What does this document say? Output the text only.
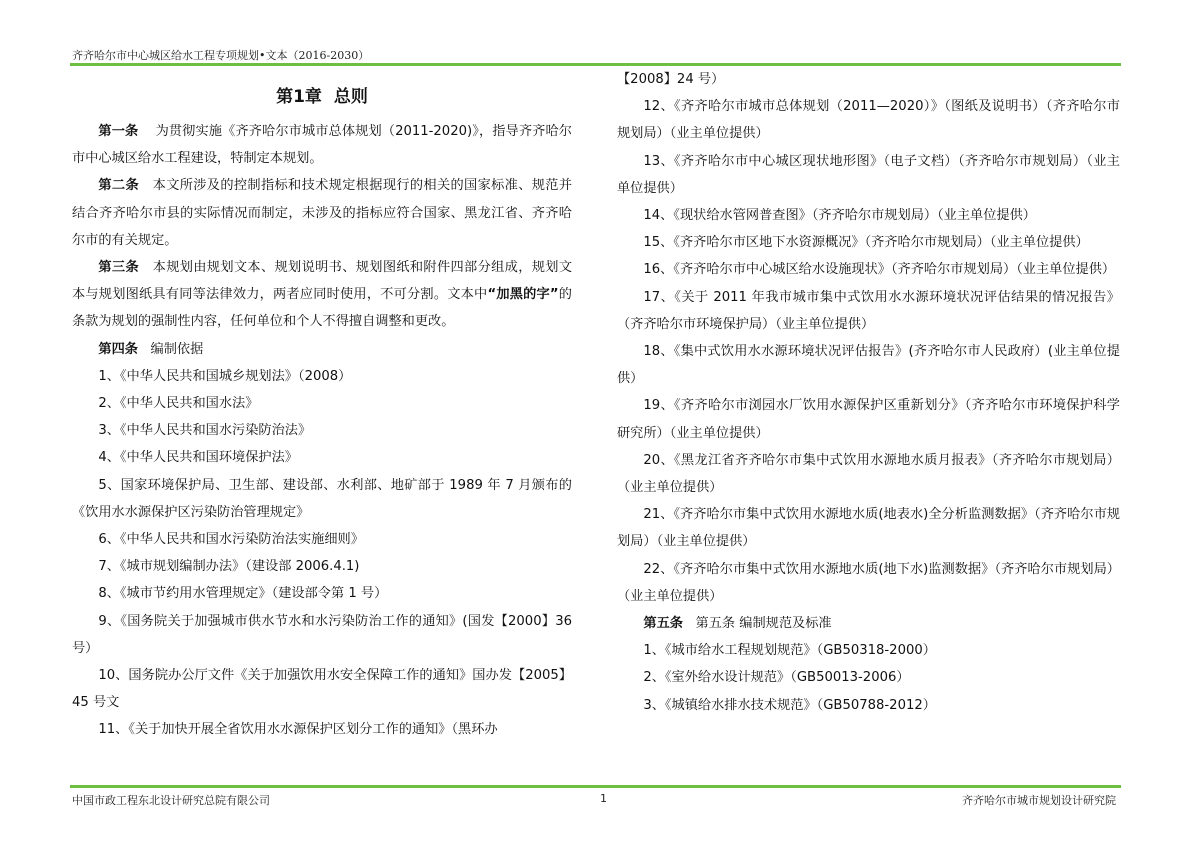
齐齐哈尔市中心城区给水工程专项规划•文本（2016-2030）
第1章 总则

第一条 为贯彻实施《齐齐哈尔市城市总体规划（2011-2020)》，指导齐齐哈尔市中心城区给水工程建设，特制定本规划。

第二条 本文所涉及的控制指标和技术规定根据现行的相关的国家标准、规范并结合齐齐哈尔市县的实际情况而制定，未涉及的指标应符合国家、黑龙江省、齐齐哈尔市的有关规定。

第三条 本规划由规划文本、规划说明书、规划图纸和附件四部分组成，规划文本与规划图纸具有同等法律效力，两者应同时使用，不可分割。文本中“加黑的字”的条款为规划的强制性内容，任何单位和个人不得擅自调整和更改。

第四条 编制依据

1、《中华人民共和国城乡规划法》（2008）

2、《中华人民共和国水法》

3、《中华人民共和国水污染防治法》

4、《中华人民共和国环境保护法》

5、国家环境保护局、卫生部、建设部、水利部、地矿部于 1989 年 7 月颁布的《饮用水水源保护区污染防治管理规定》

6、《中华人民共和国水污染防治法实施细则》

7、《城市规划编制办法》（建设部 2006.4.1)

8、《城市节约用水管理规定》（建设部令第 1 号）

9、《国务院关于加强城市供水节水和水污染防治工作的通知》(国发【2000】36 号）

10、国务院办公厅文件《关于加强饮用水安全保障工作的通知》国办发【2005】45 号文

11、《关于加快开展全省饮用水水源保护区划分工作的通知》（黑环办

【2008】24 号）

12、《齐齐哈尔市城市总体规划（2011—2020）》（图纸及说明书）（齐齐哈尔市规划局）（业主单位提供）

13、《齐齐哈尔市中心城区现状地形图》（电子文档）（齐齐哈尔市规划局）（业主单位提供）

14、《现状给水管网普查图》（齐齐哈尔市规划局）（业主单位提供）

15、《齐齐哈尔市区地下水资源概况》（齐齐哈尔市规划局）（业主单位提供）

16、《齐齐哈尔市中心城区给水设施现状》（齐齐哈尔市规划局）（业主单位提供）

17、《关于 2011 年我市城市集中式饮用水水源环境状况评估结果的情况报告》（齐齐哈尔市环境保护局）（业主单位提供）

18、《集中式饮用水水源环境状况评估报告》(齐齐哈尔市人民政府）(业主单位提供）

19、《齐齐哈尔市浏园水厂饮用水源保护区重新划分》（齐齐哈尔市环境保护科学研究所）（业主单位提供）

20、《黑龙江省齐齐哈尔市集中式饮用水源地水质月报表》（齐齐哈尔市规划局）（业主单位提供）

21、《齐齐哈尔市集中式饮用水源地水质(地表水)全分析监测数据》（齐齐哈尔市规划局）（业主单位提供）

22、《齐齐哈尔市集中式饮用水源地水质(地下水)监测数据》（齐齐哈尔市规划局）（业主单位提供）

第五条 第五条 编制规范及标准

1、《城市给水工程规划规范》（GB50318-2000）

2、《室外给水设计规范》（GB50013-2006）

3、《城镇给水排水技术规范》（GB50788-2012）

中国市政工程东北设计研究总院有限公司	1	齐齐哈尔市城市规划设计研究院
